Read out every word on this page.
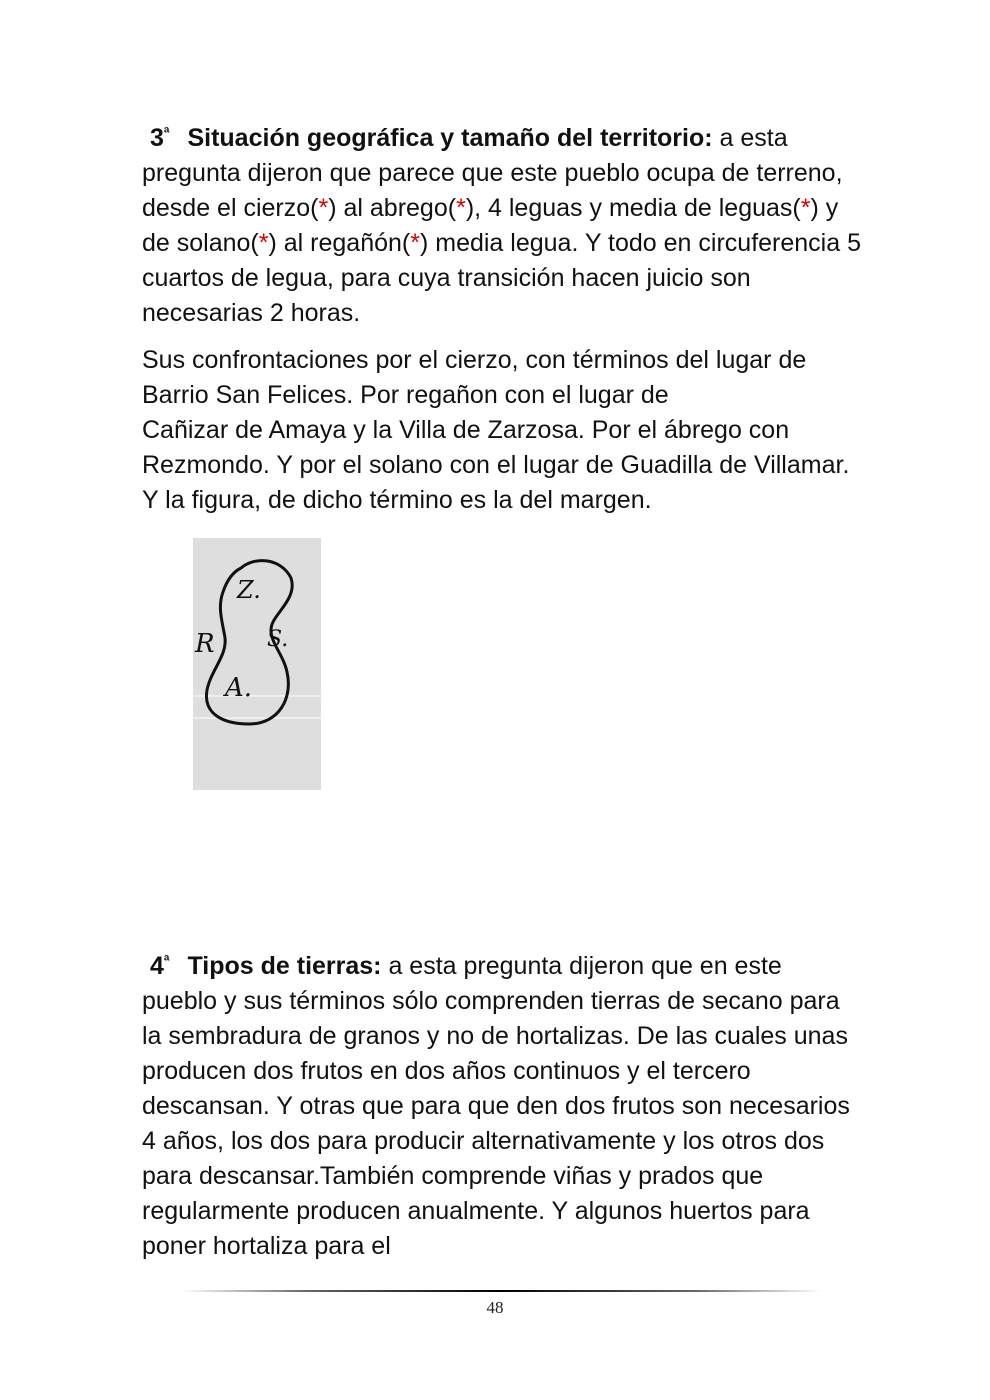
$3^ª$ Situación geográfica y tamaño del territorio: a esta pregunta dijeron que parece que este pueblo ocupa de terreno, desde el cierzo(*) al abrego(*), 4 leguas y media de leguas(*) y de solano(*) al regañón(*) media legua. Y todo en circuferencia 5 cuartos de legua, para cuya transición hacen juicio son necesarias 2 horas.

Sus confrontaciones por el cierzo, con términos del lugar de Barrio San Felices. Por regañon con el lugar de
Cañizar de Amaya y la Villa de Zarzosa. Por el ábrego con Rezmondo. Y por el solano con el lugar de Guadilla de Villamar. Y la figura, de dicho término es la del margen.

Z.
R S.
A.

$4^ª$ Tipos de tierras: a esta pregunta dijeron que en este pueblo y sus términos sólo comprenden tierras de secano para la sembradura de granos y no de hortalizas. De las cuales unas producen dos frutos en dos años continuos y el tercero descansan. Y otras que para que den dos frutos son necesarios 4 años, los dos para producir alternativamente y los otros dos para descansar.También comprende viñas y prados que regularmente producen anualmente. Y algunos huertos para poner hortaliza para el

48
